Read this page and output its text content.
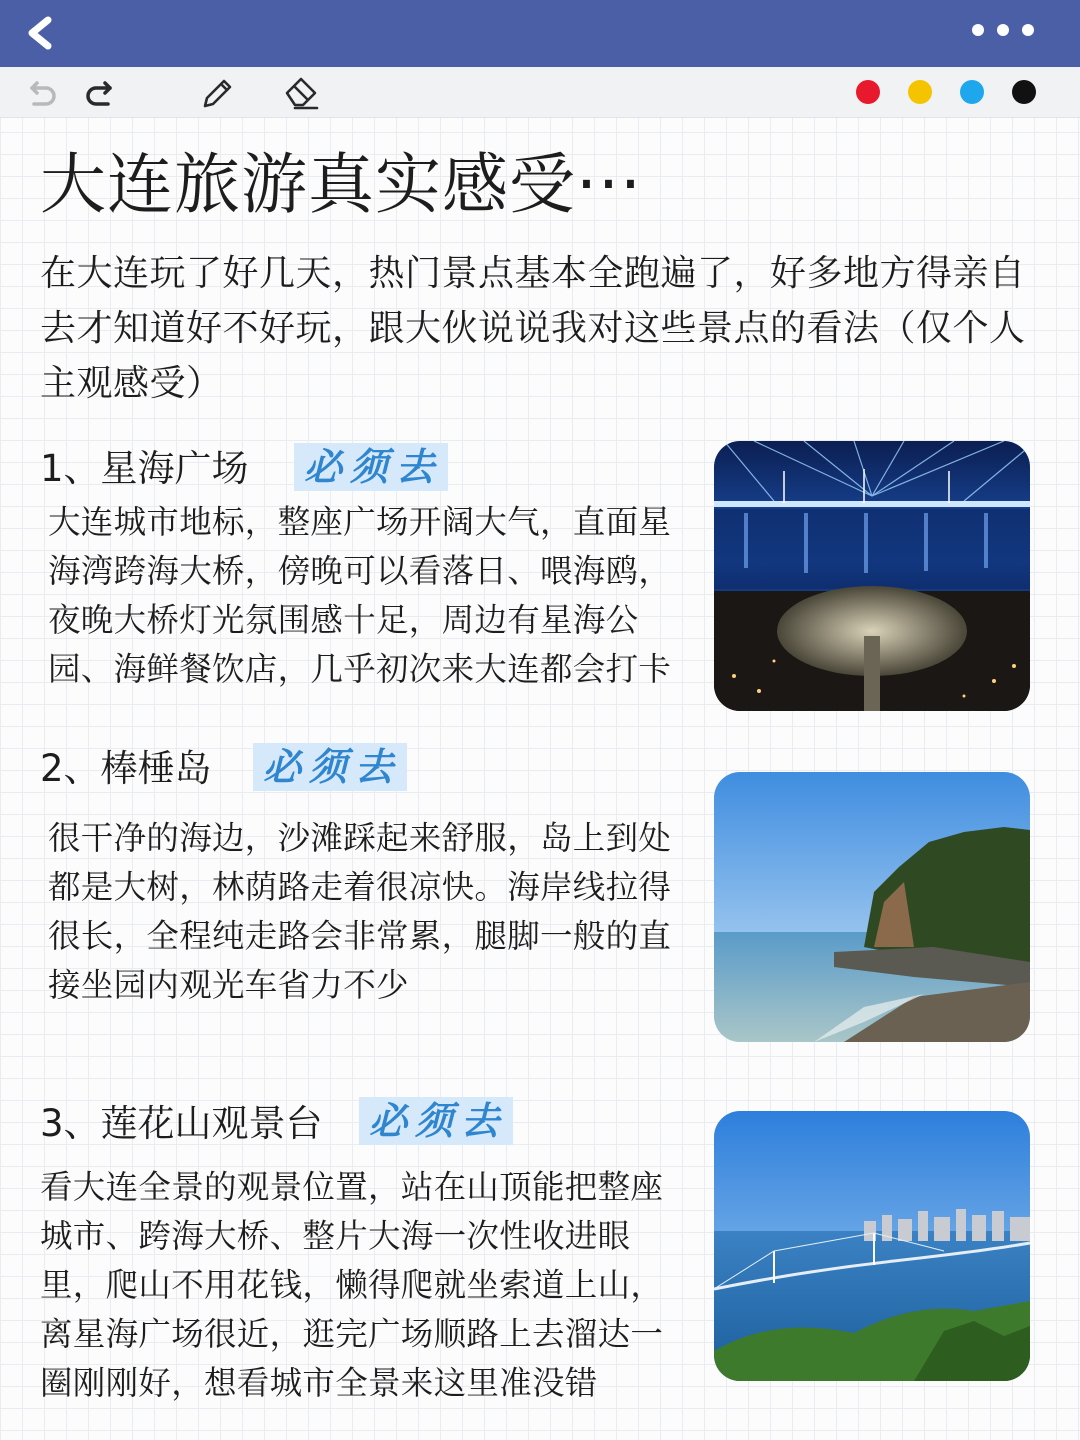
大连旅游真实感受···
在大连玩了好几天，热门景点基本全跑遍了，好多地方得亲自去才知道好不好玩，跟大伙说说我对这些景点的看法（仅个人主观感受）
1、星海广场 必须去
大连城市地标，整座广场开阔大气，直面星海湾跨海大桥，傍晚可以看落日、喂海鸥，夜晚大桥灯光氛围感十足，周边有星海公园、海鲜餐饮店，几乎初次来大连都会打卡
2、棒棰岛 必须去
很干净的海边，沙滩踩起来舒服，岛上到处都是大树，林荫路走着很凉快。海岸线拉得很长，全程纯走路会非常累，腿脚一般的直接坐园内观光车省力不少
3、莲花山观景台 必须去
看大连全景的观景位置，站在山顶能把整座城市、跨海大桥、整片大海一次性收进眼里，爬山不用花钱，懒得爬就坐索道上山，离星海广场很近，逛完广场顺路上去溜达一圈刚刚好，想看城市全景来这里准没错
